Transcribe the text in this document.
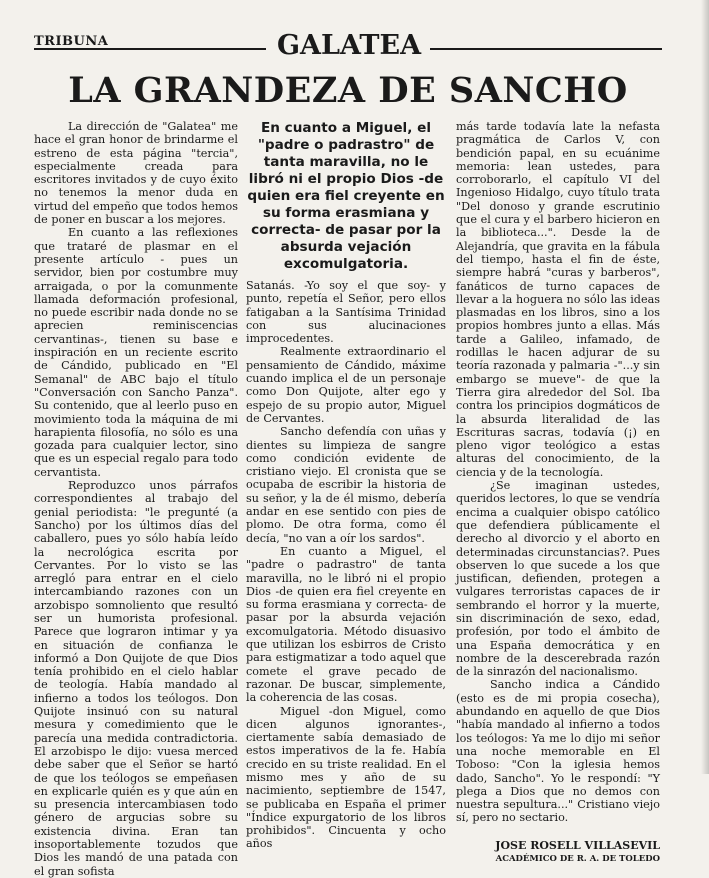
TRIBUNA	GALATEA
LA GRANDEZA DE SANCHO

La dirección de "Galatea" me hace el gran honor de brindarme el estreno de esta página "tercia", especialmente creada para escritores invitados y de cuyo éxito no tenemos la menor duda en virtud del empeño que todos hemos de poner en buscar a los mejores.

En cuanto a las reflexiones que trataré de plasmar en el presente artículo - pues un servidor, bien por costumbre muy arraigada, o por la comunmente llamada deformación profesional, no puede escribir nada donde no se aprecien reminiscencias cervantinas-, tienen su base e inspiración en un reciente escrito de Cándido, publicado en "El Semanal" de ABC bajo el título "Conversación con Sancho Panza". Su contenido, que al leerlo puso en movimiento toda la máquina de mi harapienta filosofía, no sólo es una gozada para cualquier lector, sino que es un especial regalo para todo cervantista.

Reproduzco unos párrafos correspondientes al trabajo del genial periodista: "le pregunté (a Sancho) por los últimos días del caballero, pues yo sólo había leído la necrológica escrita por Cervantes. Por lo visto se las arregló para entrar en el cielo intercambiando razones con un arzobispo somnoliento que resultó ser un humorista profesional. Parece que lograron intimar y ya en situación de confianza le informó a Don Quijote de que Dios tenía prohibido en el cielo hablar de teología. Había mandado al infierno a todos los teólogos. Don Quijote insinuó con su natural mesura y comedimiento que le parecía una medida contradictoria. El arzobispo le dijo: vuesa merced debe saber que el Señor se hartó de que los teólogos se empeñasen en explicarle quién es y que aún en su presencia intercambiasen todo género de argucias sobre su existencia divina. Eran tan insoportablemente tozudos que Dios les mandó de una patada con el gran sofista

En cuanto a Miguel, el "padre o padrastro" de tanta maravilla, no le libró ni el propio Dios -de quien era fiel creyente en su forma erasmiana y correcta- de pasar por la absurda vejación excomulgatoria.

Satanás. -Yo soy el que soy- y punto, repetía el Señor, pero ellos fatigaban a la Santísima Trinidad con sus alucinaciones improcedentes.

Realmente extraordinario el pensamiento de Cándido, máxime cuando implica el de un personaje como Don Quijote, alter ego y espejo de su propio autor, Miguel de Cervantes.

Sancho defendía con uñas y dientes su limpieza de sangre como condición evidente de cristiano viejo. El cronista que se ocupaba de escribir la historia de su señor, y la de él mismo, debería andar en ese sentido con pies de plomo. De otra forma, como él decía, "no van a oír los sardos".

En cuanto a Miguel, el "padre o padrastro" de tanta maravilla, no le libró ni el propio Dios -de quien era fiel creyente en su forma erasmiana y correcta- de pasar por la absurda vejación excomulgatoria. Método disuasivo que utilizan los esbirros de Cristo para estigmatizar a todo aquel que comete el grave pecado de razonar. De buscar, simplemente, la coherencia de las cosas.

Miguel -don Miguel, como dicen algunos ignorantes-, ciertamente sabía demasiado de estos imperativos de la fe. Había crecido en su triste realidad. En el mismo mes y año de su nacimiento, septiembre de 1547, se publicaba en España el primer "Índice expurgatorio de los libros prohibidos". Cincuenta y ocho años

más tarde todavía late la nefasta pragmática de Carlos V, con bendición papal, en su ecuánime memoria: lean ustedes, para corroborarlo, el capítulo VI del Ingenioso Hidalgo, cuyo título trata "Del donoso y grande escrutinio que el cura y el barbero hicieron en la biblioteca...". Desde la de Alejandría, que gravita en la fábula del tiempo, hasta el fin de éste, siempre habrá "curas y barberos", fanáticos de turno capaces de llevar a la hoguera no sólo las ideas plasmadas en los libros, sino a los propios hombres junto a ellas. Más tarde a Galileo, infamado, de rodillas le hacen adjurar de su teoría razonada y palmaria -"...y sin embargo se mueve"- de que la Tierra gira alrededor del Sol. Iba contra los principios dogmáticos de la absurda literalidad de las Escrituras sacras, todavía (¡) en pleno vigor teológico a estas alturas del conocimiento, de la ciencia y de la tecnología.

¿Se imaginan ustedes, queridos lectores, lo que se vendría encima a cualquier obispo católico que defendiera públicamente el derecho al divorcio y el aborto en determinadas circunstancias?. Pues observen lo que sucede a los que justifican, defienden, protegen a vulgares terroristas capaces de ir sembrando el horror y la muerte, sin discriminación de sexo, edad, profesión, por todo el ámbito de una España democrática y en nombre de la descerebrada razón de la sinrazón del nacionalismo.

Sancho indica a Cándido (esto es de mi propia cosecha), abundando en aquello de que Dios "había mandado al infierno a todos los teólogos: Ya me lo dijo mi señor una noche memorable en El Toboso: "Con la iglesia hemos dado, Sancho". Yo le respondí: "Y plega a Dios que no demos con nuestra sepultura..." Cristiano viejo sí, pero no sectario.

JOSE ROSELL VILLASEVIL
ACADÉMICO DE R. A. DE TOLEDO
